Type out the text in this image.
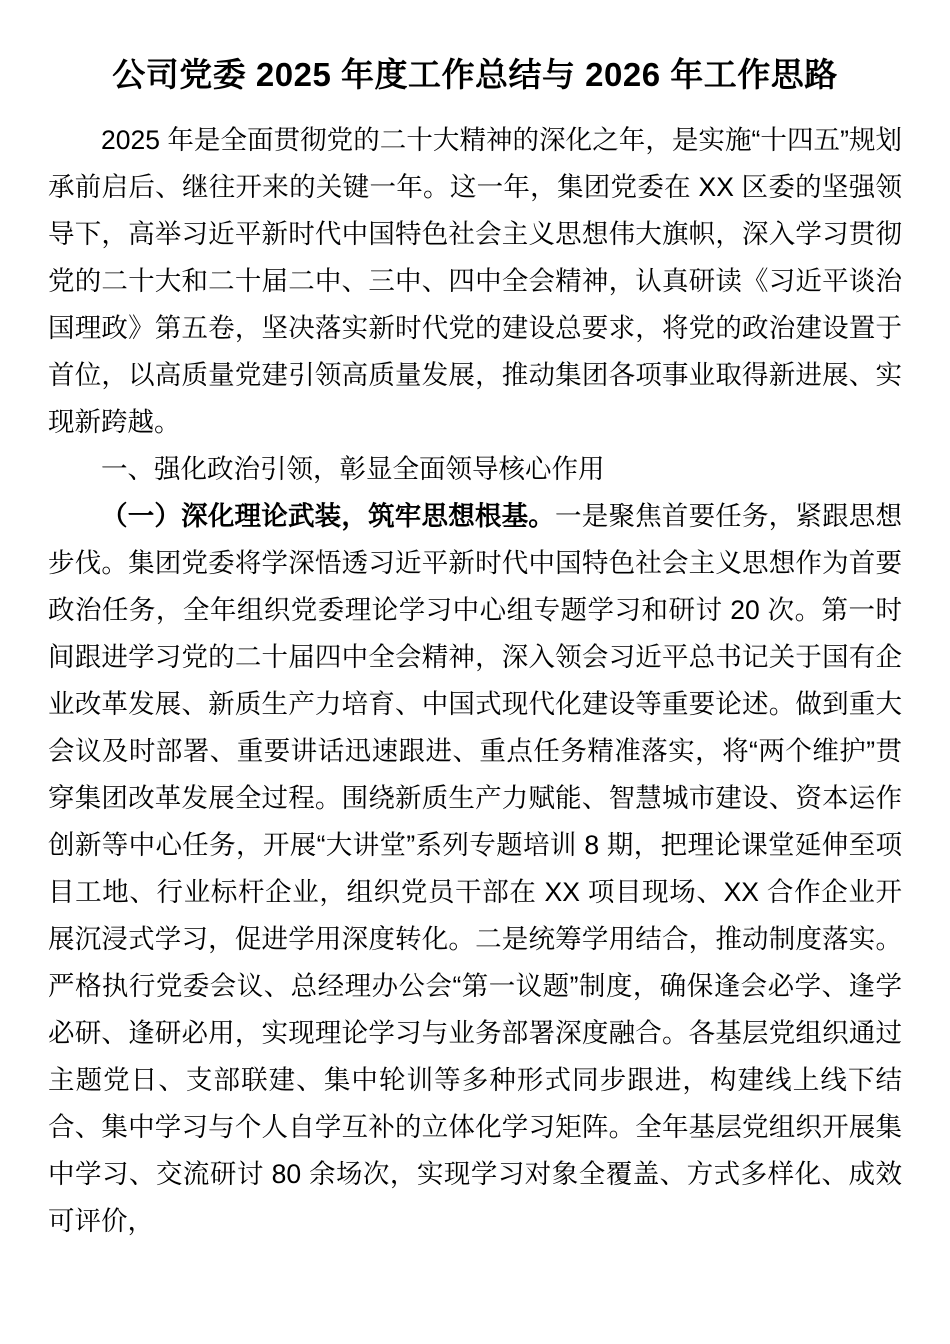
公司党委 2025 年度工作总结与 2026 年工作思路

2025 年是全面贯彻党的二十大精神的深化之年，是实施“十四五”规划承前启后、继往开来的关键一年。这一年，集团党委在 XX 区委的坚强领导下，高举习近平新时代中国特色社会主义思想伟大旗帜，深入学习贯彻党的二十大和二十届二中、三中、四中全会精神，认真研读《习近平谈治国理政》第五卷，坚决落实新时代党的建设总要求，将党的政治建设置于首位，以高质量党建引领高质量发展，推动集团各项事业取得新进展、实现新跨越。

一、强化政治引领，彰显全面领导核心作用

（一）深化理论武装，筑牢思想根基。一是聚焦首要任务，紧跟思想步伐。集团党委将学深悟透习近平新时代中国特色社会主义思想作为首要政治任务，全年组织党委理论学习中心组专题学习和研讨 20 次。第一时间跟进学习党的二十届四中全会精神，深入领会习近平总书记关于国有企业改革发展、新质生产力培育、中国式现代化建设等重要论述。做到重大会议及时部署、重要讲话迅速跟进、重点任务精准落实，将“两个维护”贯穿集团改革发展全过程。围绕新质生产力赋能、智慧城市建设、资本运作创新等中心任务，开展“大讲堂”系列专题培训 8 期，把理论课堂延伸至项目工地、行业标杆企业，组织党员干部在 XX 项目现场、XX 合作企业开展沉浸式学习，促进学用深度转化。二是统筹学用结合，推动制度落实。严格执行党委会议、总经理办公会“第一议题”制度，确保逢会必学、逢学必研、逢研必用，实现理论学习与业务部署深度融合。各基层党组织通过主题党日、支部联建、集中轮训等多种形式同步跟进，构建线上线下结合、集中学习与个人自学互补的立体化学习矩阵。全年基层党组织开展集中学习、交流研讨 80 余场次，实现学习对象全覆盖、方式多样化、成效可评价，
